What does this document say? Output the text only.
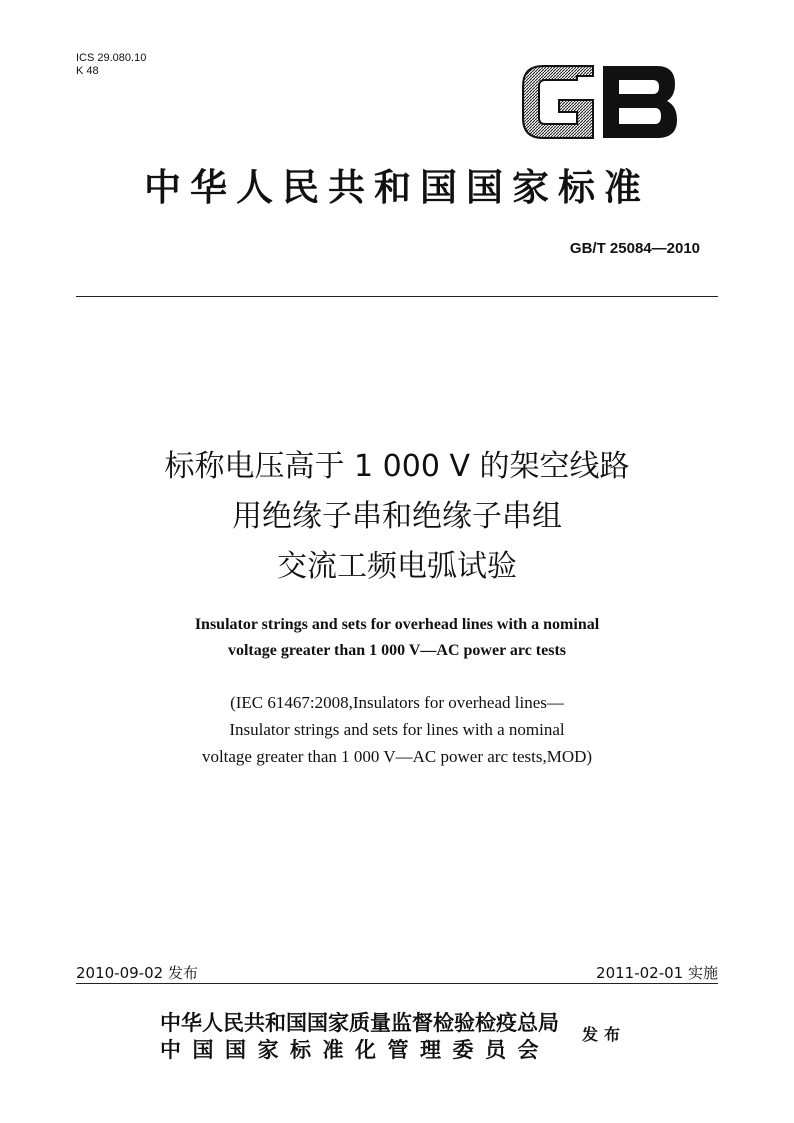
ICS 29.080.10
K 48
GB
中华人民共和国国家标准
GB/T 25084—2010
标称电压高于 1 000 V 的架空线路
用绝缘子串和绝缘子串组
交流工频电弧试验
Insulator strings and sets for overhead lines with a nominal
voltage greater than 1 000 V—AC power arc tests
(IEC 61467:2008,Insulators for overhead lines—
Insulator strings and sets for lines with a nominal
voltage greater than 1 000 V—AC power arc tests,MOD)
2010-09-02 发布	2011-02-01 实施
中华人民共和国国家质量监督检验检疫总局
中国国家标准化管理委员会
发布
